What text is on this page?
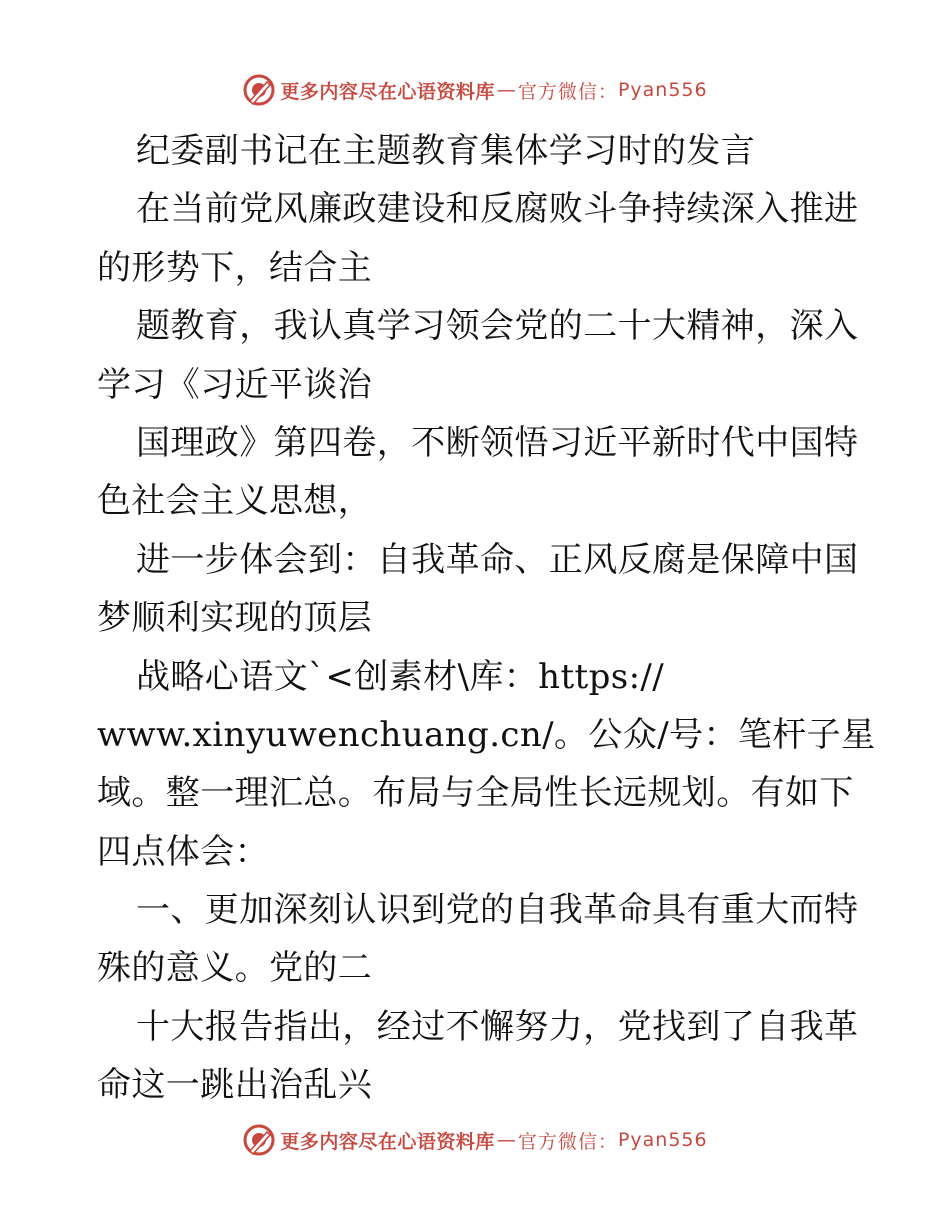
更多内容尽在心语资料库 — 官方微信： Pyan556
纪委副书记在主题教育集体学习时的发言
在当前党风廉政建设和反腐败斗争持续深入推进
的形势下，结合主
题教育，我认真学习领会党的二十大精神，深入
学习《习近平谈治
国理政》第四卷，不断领悟习近平新时代中国特
色社会主义思想，
进一步体会到：自我革命、正风反腐是保障中国
梦顺利实现的顶层
战略心语文`<创素材\库：https://
www.xinyuwenchuang.cn/。公众/号：笔杆子星
域。整一理汇总。布局与全局性长远规划。有如下
四点体会：
一、更加深刻认识到党的自我革命具有重大而特
殊的意义。党的二
十大报告指出，经过不懈努力，党找到了自我革
命这一跳出治乱兴
更多内容尽在心语资料库 — 官方微信： Pyan556
